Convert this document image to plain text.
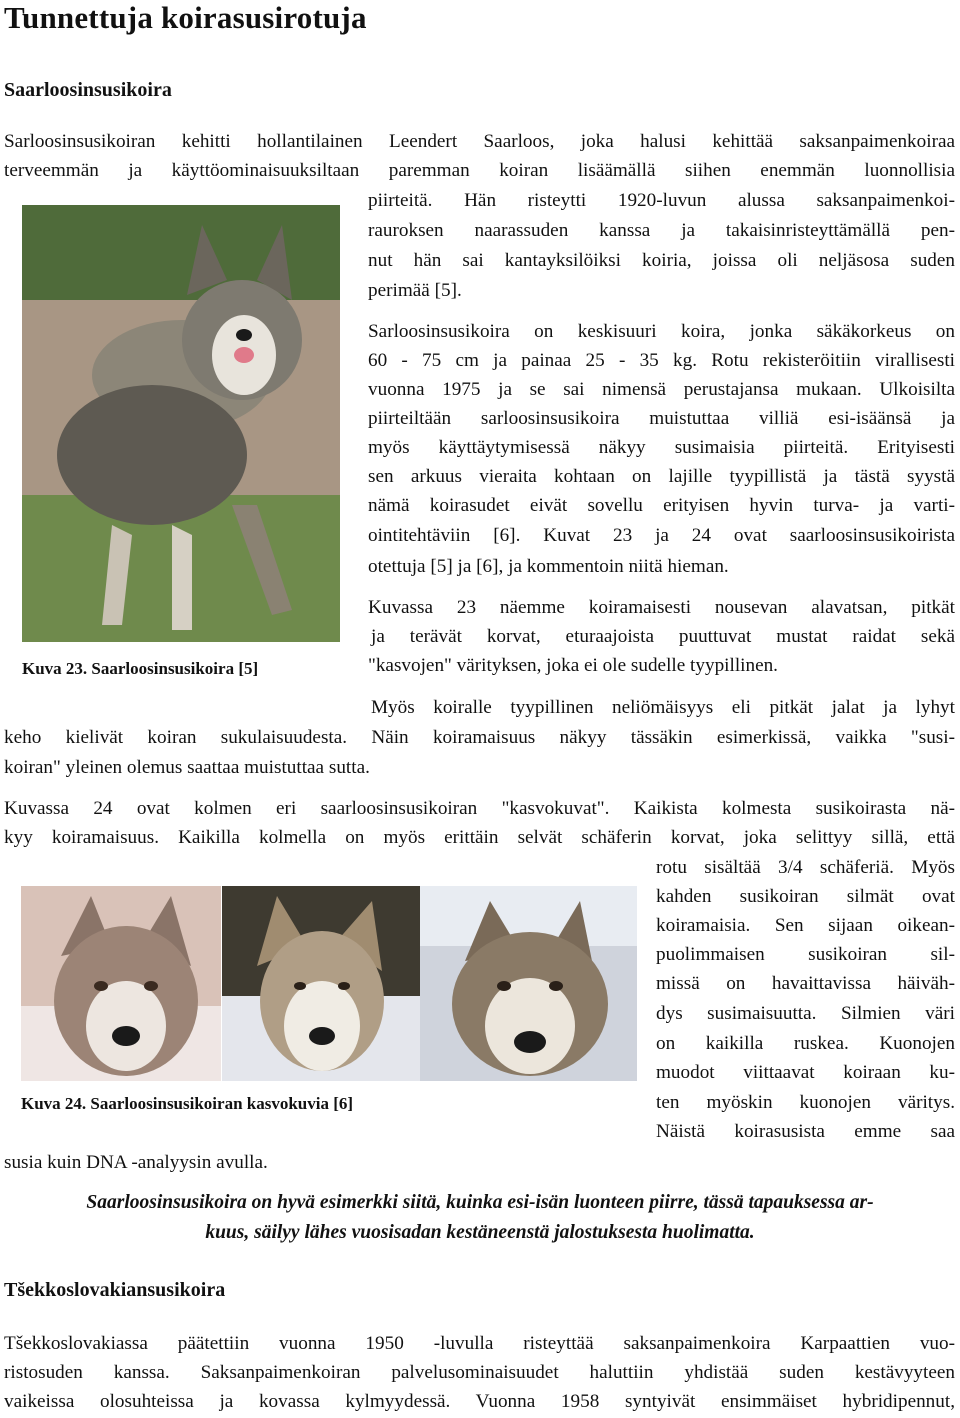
Tunnettuja koirasusirotuja
Saarloosinsusikoira
Sarloosinsusikoiran kehitti hollantilainen Leendert Saarloos, joka halusi kehittää saksanpaimenkoiraa
terveemmän ja käyttöominaisuuksiltaan paremman koiran lisäämällä siihen enemmän luonnollisia
piirteitä. Hän risteytti 1920-luvun alussa saksanpaimenkoi-
rauroksen naarassuden kanssa ja takaisinristeyttämällä pen-
nut hän sai kantayksilöiksi koiria, joissa oli neljäsosa suden
perimää [5].
Kuva 23. Saarloosinsusikoira [5]
Sarloosinsusikoira on keskisuuri koira, jonka säkäkorkeus on
60 - 75 cm ja painaa 25 - 35 kg. Rotu rekisteröitiin virallisesti
vuonna 1975 ja se sai nimensä perustajansa mukaan. Ulkoisilta
piirteiltään sarloosinsusikoira muistuttaa villiä esi-isäänsä ja
myös käyttäytymisessä näkyy susimaisia piirteitä. Erityisesti
sen arkuus vieraita kohtaan on lajille tyypillistä ja tästä syystä
nämä koirasudet eivät sovellu erityisen hyvin turva- ja varti-
ointitehtäviin [6]. Kuvat 23 ja 24 ovat saarloosinsusikoirista
otettuja [5] ja [6], ja kommentoin niitä hieman.
Kuvassa 23 näemme koiramaisesti nousevan alavatsan, pitkät
ja terävät korvat, eturaajoista puuttuvat mustat raidat sekä
"kasvojen" värityksen, joka ei ole sudelle tyypillinen.
Myös koiralle tyypillinen neliömäisyys eli pitkät jalat ja lyhyt
keho kielivät koiran sukulaisuudesta. Näin koiramaisuus näkyy tässäkin esimerkissä, vaikka "susi-
koiran" yleinen olemus saattaa muistuttaa sutta.
Kuvassa 24 ovat kolmen eri saarloosinsusikoiran "kasvokuvat". Kaikista kolmesta susikoirasta nä-
kyy koiramaisuus. Kaikilla kolmella on myös erittäin selvät schäferin korvat, joka selittyy sillä, että
rotu sisältää 3/4 schäferiä. Myös
kahden susikoiran silmät ovat
koiramaisia. Sen sijaan oikean-
puolimmaisen susikoiran sil-
missä on havaittavissa häiväh-
dys susimaisuutta. Silmien väri
on kaikilla ruskea. Kuonojen
muodot viittaavat koiraan ku-
ten myöskin kuonojen väritys.
Näistä koirasusista emme saa
susia kuin DNA -analyysin avulla.
Kuva 24. Saarloosinsusikoiran kasvokuvia [6]
Saarloosinsusikoira on hyvä esimerkki siitä, kuinka esi-isän luonteen piirre, tässä tapauksessa ar-
kuus, säilyy lähes vuosisadan kestäneenstä jalostuksesta huolimatta.
Tšekkoslovakiansusikoira
Tšekkoslovakiassa päätettiin vuonna 1950 -luvulla risteyttää saksanpaimenkoira Karpaattien vuo-
ristosuden kanssa. Saksanpaimenkoiran palvelusominaisuudet haluttiin yhdistää suden kestävyyteen
vaikeissa olosuhteissa ja kovassa kylmyydessä. Vuonna 1958 syntyivät ensimmäiset hybridipennut,
